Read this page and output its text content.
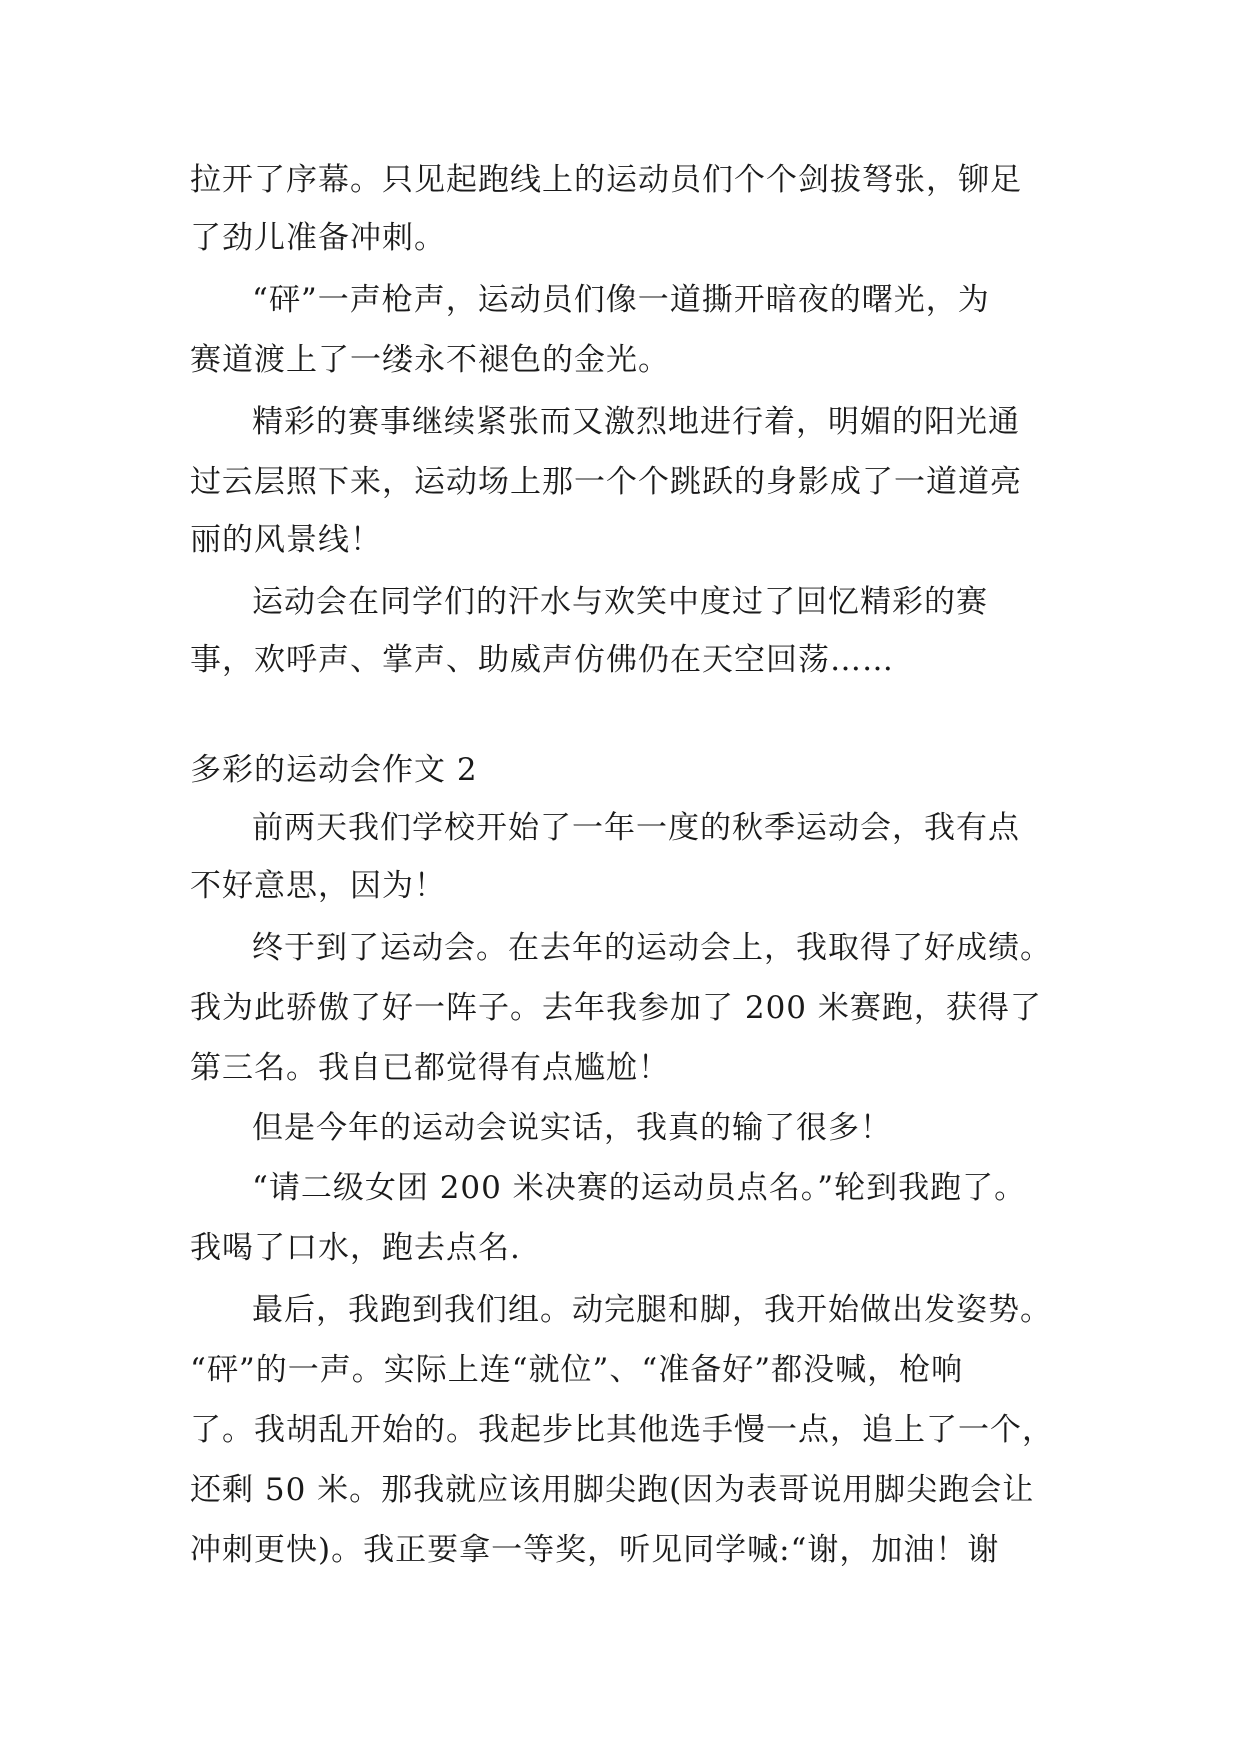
拉开了序幕。只见起跑线上的运动员们个个剑拔弩张，铆足
了劲儿准备冲刺。
“砰”一声枪声，运动员们像一道撕开暗夜的曙光，为
赛道渡上了一缕永不褪色的金光。
精彩的赛事继续紧张而又激烈地进行着，明媚的阳光通
过云层照下来，运动场上那一个个跳跃的身影成了一道道亮
丽的风景线！
运动会在同学们的汗水与欢笑中度过了回忆精彩的赛
事，欢呼声、掌声、助威声仿佛仍在天空回荡……
多彩的运动会作文 2
前两天我们学校开始了一年一度的秋季运动会，我有点
不好意思，因为！
终于到了运动会。在去年的运动会上，我取得了好成绩。
我为此骄傲了好一阵子。去年我参加了 200 米赛跑，获得了
第三名。我自已都觉得有点尴尬！
但是今年的运动会说实话，我真的输了很多！
“请二级女团 200 米决赛的运动员点名。”轮到我跑了。
我喝了口水，跑去点名.
最后，我跑到我们组。动完腿和脚，我开始做出发姿势。
“砰”的一声。实际上连“就位”、“准备好”都没喊，枪响
了。我胡乱开始的。我起步比其他选手慢一点，追上了一个，
还剩 50 米。那我就应该用脚尖跑(因为表哥说用脚尖跑会让
冲刺更快)。我正要拿一等奖，听见同学喊:“谢，加油！谢
